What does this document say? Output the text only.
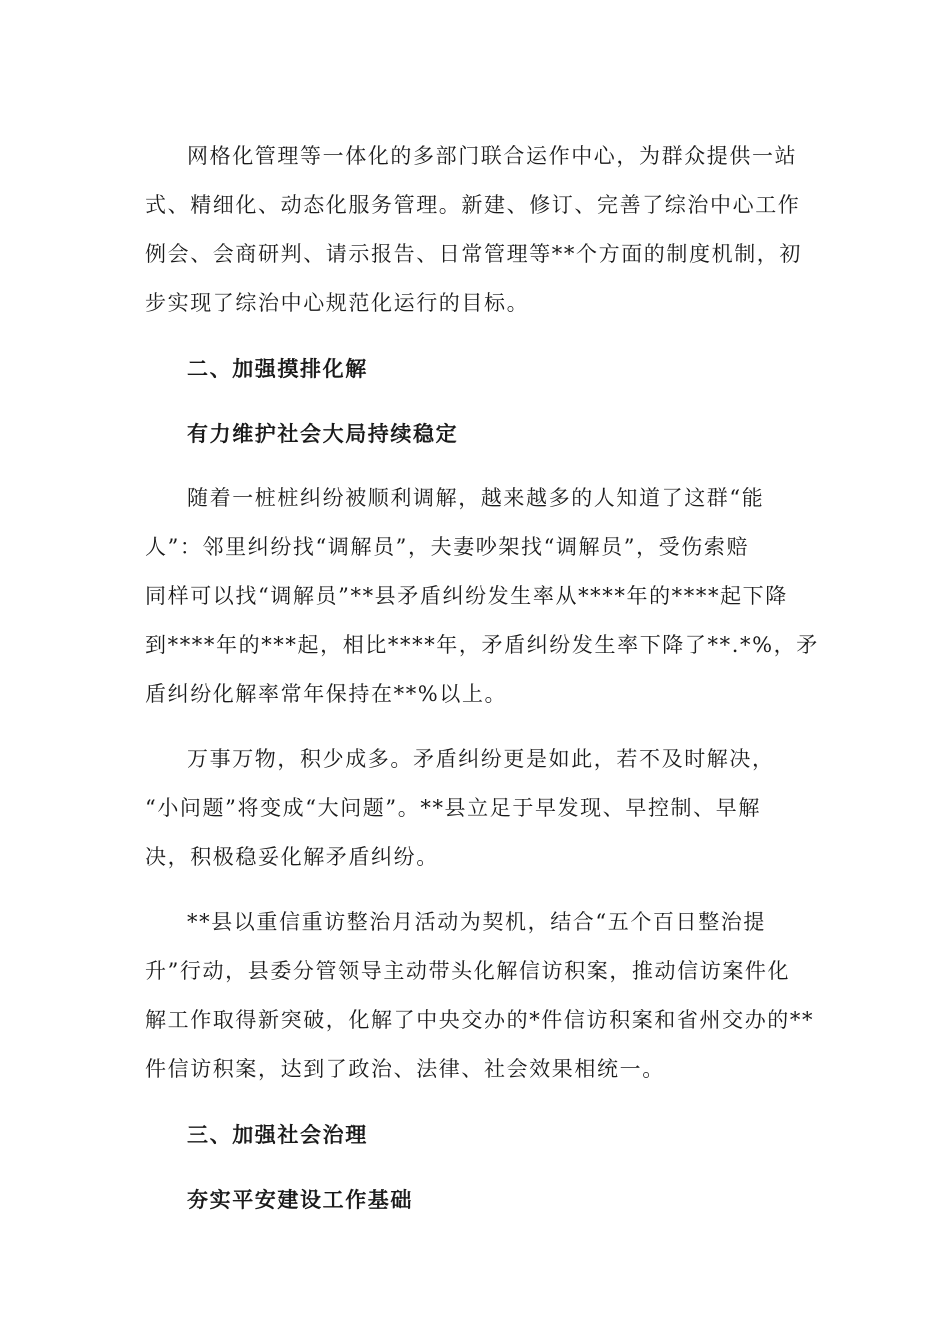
网格化管理等一体化的多部门联合运作中心，为群众提供一站
式、精细化、动态化服务管理。新建、修订、完善了综治中心工作
例会、会商研判、请示报告、日常管理等**个方面的制度机制，初
步实现了综治中心规范化运行的目标。
二、加强摸排化解
有力维护社会大局持续稳定
随着一桩桩纠纷被顺利调解，越来越多的人知道了这群“能
人”：邻里纠纷找“调解员”，夫妻吵架找“调解员”，受伤索赔
同样可以找“调解员”**县矛盾纠纷发生率从****年的****起下降
到****年的***起，相比****年，矛盾纠纷发生率下降了**.*%，矛
盾纠纷化解率常年保持在**%以上。
万事万物，积少成多。矛盾纠纷更是如此，若不及时解决，
“小问题”将变成“大问题”。**县立足于早发现、早控制、早解
决，积极稳妥化解矛盾纠纷。
**县以重信重访整治月活动为契机，结合“五个百日整治提
升”行动，县委分管领导主动带头化解信访积案，推动信访案件化
解工作取得新突破，化解了中央交办的*件信访积案和省州交办的**
件信访积案，达到了政治、法律、社会效果相统一。
三、加强社会治理
夯实平安建设工作基础
